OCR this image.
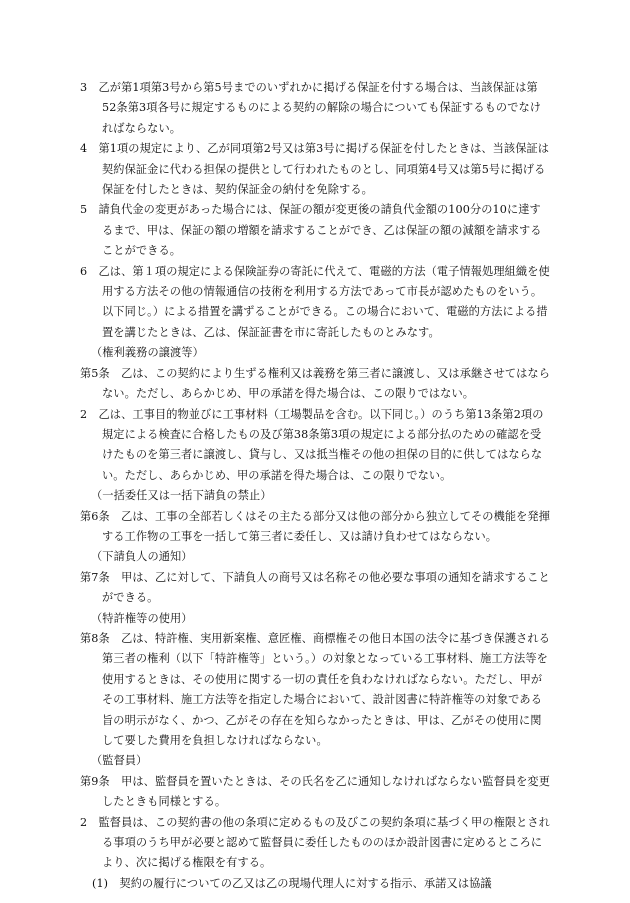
3　乙が第1項第3号から第5号までのいずれかに掲げる保証を付する場合は、当該保証は第52条第3項各号に規定するものによる契約の解除の場合についても保証するものでなければならない。

4　第1項の規定により、乙が同項第2号又は第3号に掲げる保証を付したときは、当該保証は契約保証金に代わる担保の提供として行われたものとし、同項第4号又は第5号に掲げる保証を付したときは、契約保証金の納付を免除する。

5　請負代金の変更があった場合には、保証の額が変更後の請負代金額の100分の10に達するまで、甲は、保証の額の増額を請求することができ、乙は保証の額の減額を請求することができる。

6　乙は、第１項の規定による保険証券の寄託に代えて、電磁的方法（電子情報処理組織を使用する方法その他の情報通信の技術を利用する方法であって市長が認めたものをいう。以下同じ。）による措置を講ずることができる。この場合において、電磁的方法による措置を講じたときは、乙は、保証証書を市に寄託したものとみなす。

（権利義務の譲渡等）

第5条　乙は、この契約により生ずる権利又は義務を第三者に譲渡し、又は承継させてはならない。ただし、あらかじめ、甲の承諾を得た場合は、この限りではない。

2　乙は、工事目的物並びに工事材料（工場製品を含む。以下同じ。）のうち第13条第2項の規定による検査に合格したもの及び第38条第3項の規定による部分払のための確認を受けたものを第三者に譲渡し、貸与し、又は抵当権その他の担保の目的に供してはならない。ただし、あらかじめ、甲の承諾を得た場合は、この限りでない。

（一括委任又は一括下請負の禁止）

第6条　乙は、工事の全部若しくはその主たる部分又は他の部分から独立してその機能を発揮する工作物の工事を一括して第三者に委任し、又は請け負わせてはならない。

（下請負人の通知）

第7条　甲は、乙に対して、下請負人の商号又は名称その他必要な事項の通知を請求することができる。

（特許権等の使用）

第8条　乙は、特許権、実用新案権、意匠権、商標権その他日本国の法令に基づき保護される第三者の権利（以下「特許権等」という。）の対象となっている工事材料、施工方法等を使用するときは、その使用に関する一切の責任を負わなければならない。ただし、甲がその工事材料、施工方法等を指定した場合において、設計図書に特許権等の対象である旨の明示がなく、かつ、乙がその存在を知らなかったときは、甲は、乙がその使用に関して要した費用を負担しなければならない。

（監督員）

第9条　甲は、監督員を置いたときは、その氏名を乙に通知しなければならない監督員を変更したときも同様とする。

2　監督員は、この契約書の他の条項に定めるもの及びこの契約条項に基づく甲の権限とされる事項のうち甲が必要と認めて監督員に委任したもののほか設計図書に定めるところにより、次に掲げる権限を有する。

(1)　契約の履行についての乙又は乙の現場代理人に対する指示、承諾又は協議
